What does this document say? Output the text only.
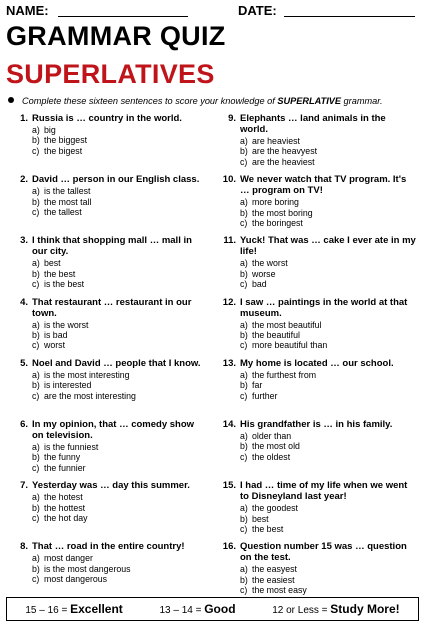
NAME:	DATE:
GRAMMAR QUIZ
SUPERLATIVES
Complete these sixteen sentences to score your knowledge of SUPERLATIVE grammar.
1. Russia is … country in the world.
a) big
b) the biggest
c) the bigest
2. David … person in our English class.
a) is the tallest
b) the most tall
c) the tallest
3. I think that shopping mall … mall in our city.
a) best
b) the best
c) is the best
4. That restaurant … restaurant in our town.
a) is the worst
b) is bad
c) worst
5. Noel and David … people that I know.
a) is the most interesting
b) is interested
c) are the most interesting
6. In my opinion, that … comedy show on television.
a) is the funniest
b) the funny
c) the funnier
7. Yesterday was … day this summer.
a) the hotest
b) the hottest
c) the hot day
8. That … road in the entire country!
a) most danger
b) is the most dangerous
c) most dangerous
9. Elephants … land animals in the world.
a) are heaviest
b) are the heavyest
c) are the heaviest
10. We never watch that TV program. It's … program on TV!
a) more boring
b) the most boring
c) the boringest
11. Yuck! That was … cake I ever ate in my life!
a) the worst
b) worse
c) bad
12. I saw … paintings in the world at that museum.
a) the most beautiful
b) the beautiful
c) more beautiful than
13. My home is located … our school.
a) the furthest from
b) far
c) further
14. His grandfather is … in his family.
a) older than
b) the most old
c) the oldest
15. I had … time of my life when we went to Disneyland last year!
a) the goodest
b) best
c) the best
16. Question number 15 was … question on the test.
a) the easyest
b) the easiest
c) the most easy
15 – 16 = Excellent	13 – 14 = Good	12 or Less = Study More!
